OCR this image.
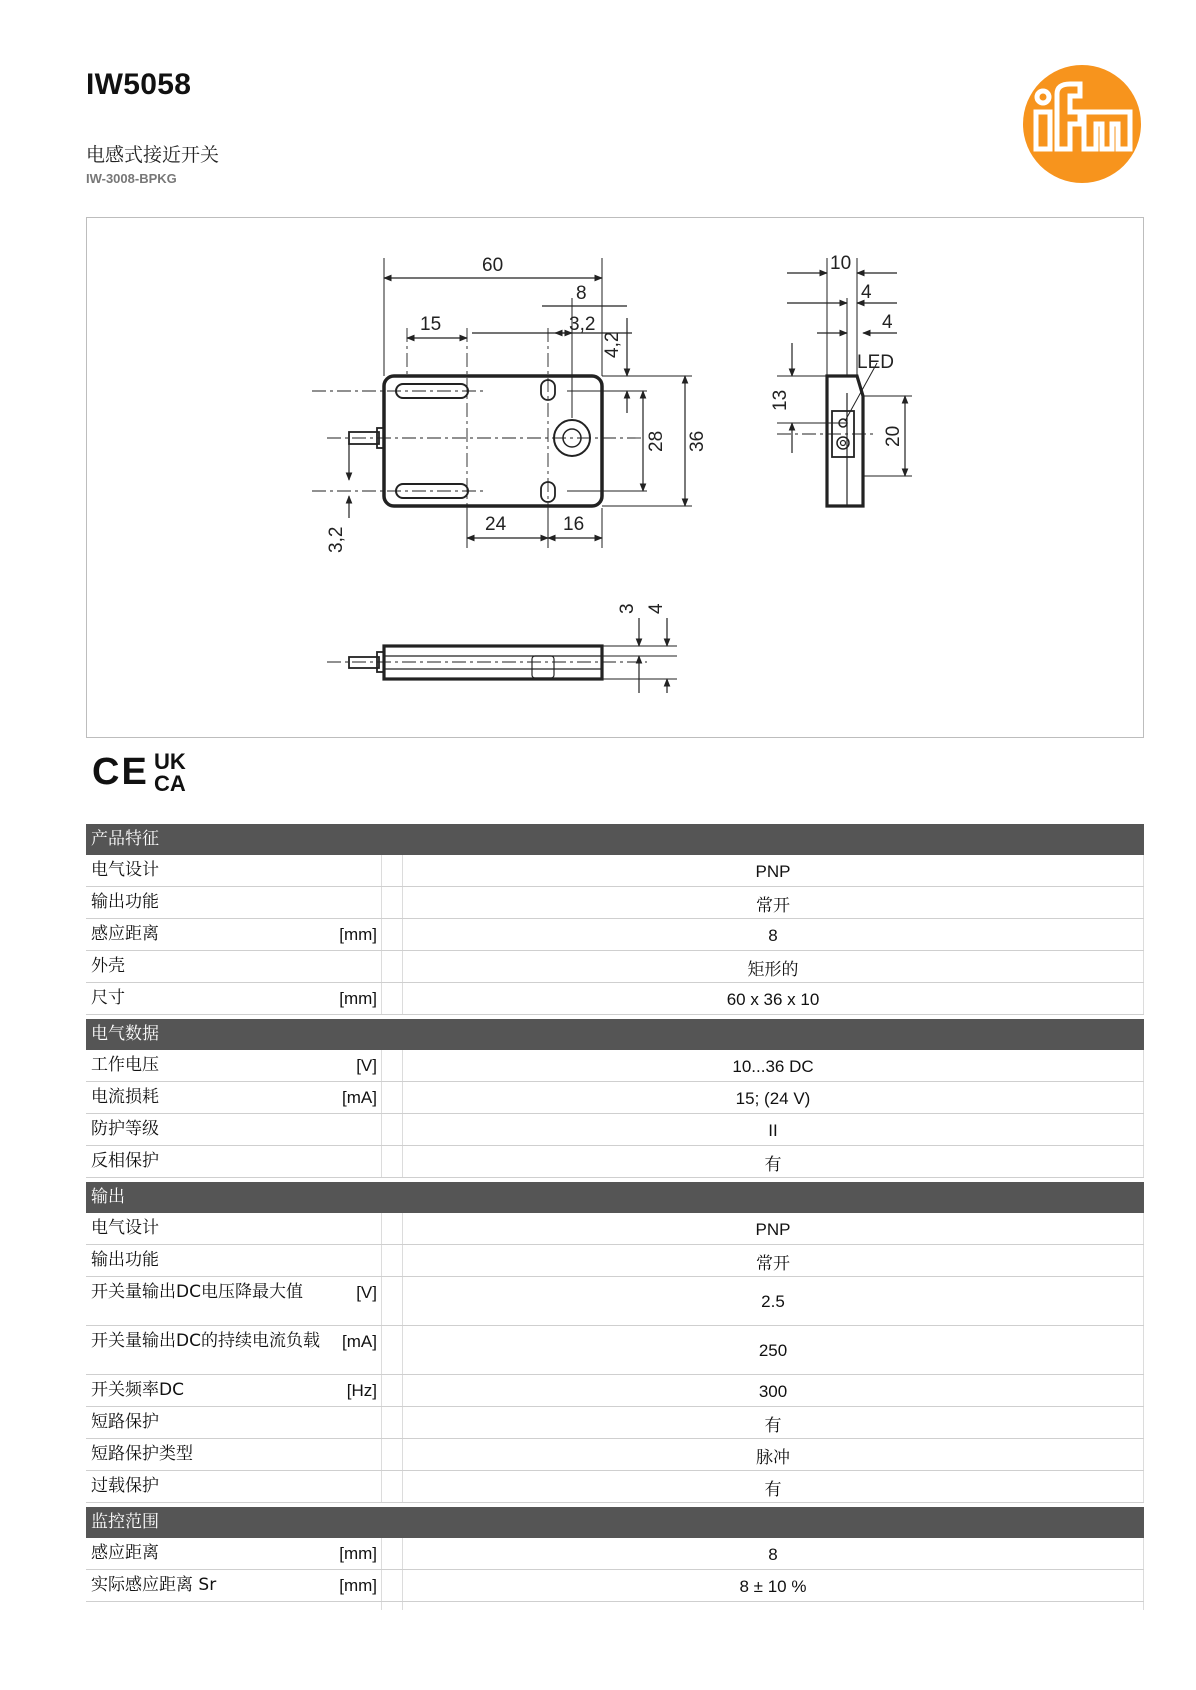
IW5058
电感式接近开关
IW-3008-BPKG
60
8
15	3,2
4,2
28 36
24	16
3,2
10
4
4
LED
13
20
3 4
CE UK
CA
产品特征
电气设计	PNP
输出功能	常开
感应距离	[mm]	8
外壳	矩形的
尺寸	[mm]	60 x 36 x 10
电气数据
工作电压	[V]	10...36 DC
电流损耗	[mA]	15; (24 V)
防护等级	II
反相保护	有
输出
电气设计	PNP
输出功能	常开
开关量输出DC电压降最大值	[V]	2.5
开关量输出DC的持续电流负载 [mA]	250
开关频率DC	[Hz]	300
短路保护	有
短路保护类型	脉冲
过载保护	有
监控范围
感应距离	[mm]	8
实际感应距离 Sr	[mm]	8 ± 10 %
